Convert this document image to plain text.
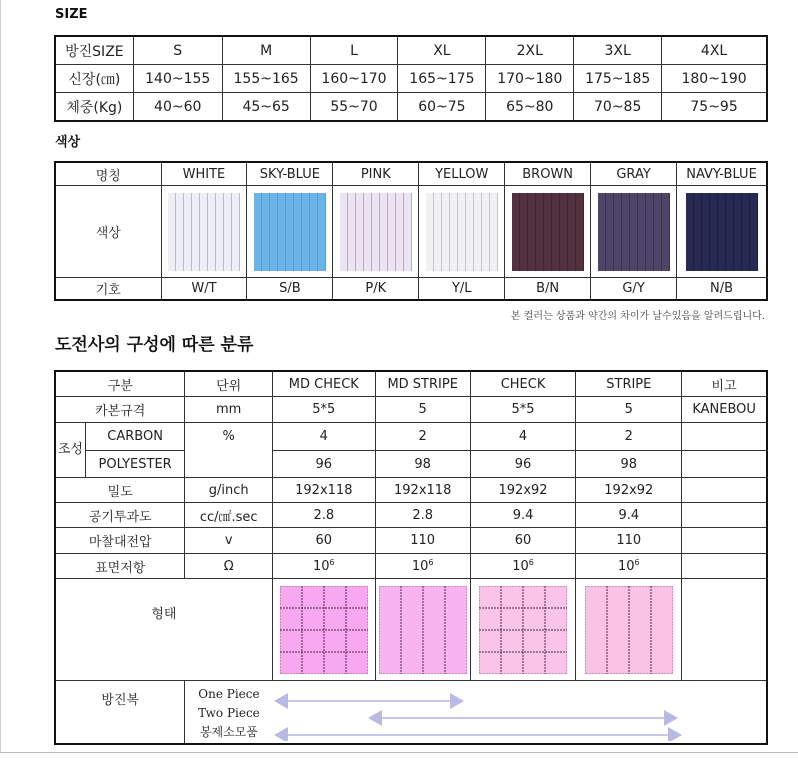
SIZE
방진SIZE	S	M	L	XL	2XL	3XL	4XL
신장(㎝)	140~155	155~165	160~170	165~175	170~180	175~185	180~190
체중(Kg)	40~60	45~65	55~70	60~75	65~80	70~85	75~95
색상
명칭	WHITE	SKY-BLUE	PINK	YELLOW	BROWN	GRAY	NAVY-BLUE
색상	

기호	W/T	S/B	P/K	Y/L	B/N	G/Y	N/B
본 컬러는 상품과 약간의 차이가 날수있음을 알려드립니다.
도전사의 구성에 따른 분류
구분		단위	MD CHECK	MD STRIPE	CHECK	STRIPE	비고
카본규격		mm	5*5	5	5*5	5	KANEBOU
조성	CARBON	%	4	2	4	2	
	POLYESTER		96	98	96	98	
밀도		g/inch	192x118	192x118	192x92	192x92	
공기투과도		cc/㎠.sec	2.8	2.8	9.4	9.4	
마찰대전압		v	60	110	60	110	
표면저항		Ω	$10^6$	$10^6$	$10^6$	$10^6$	
형태	

방진복		One Piece
Two Piece
봉제소모품
